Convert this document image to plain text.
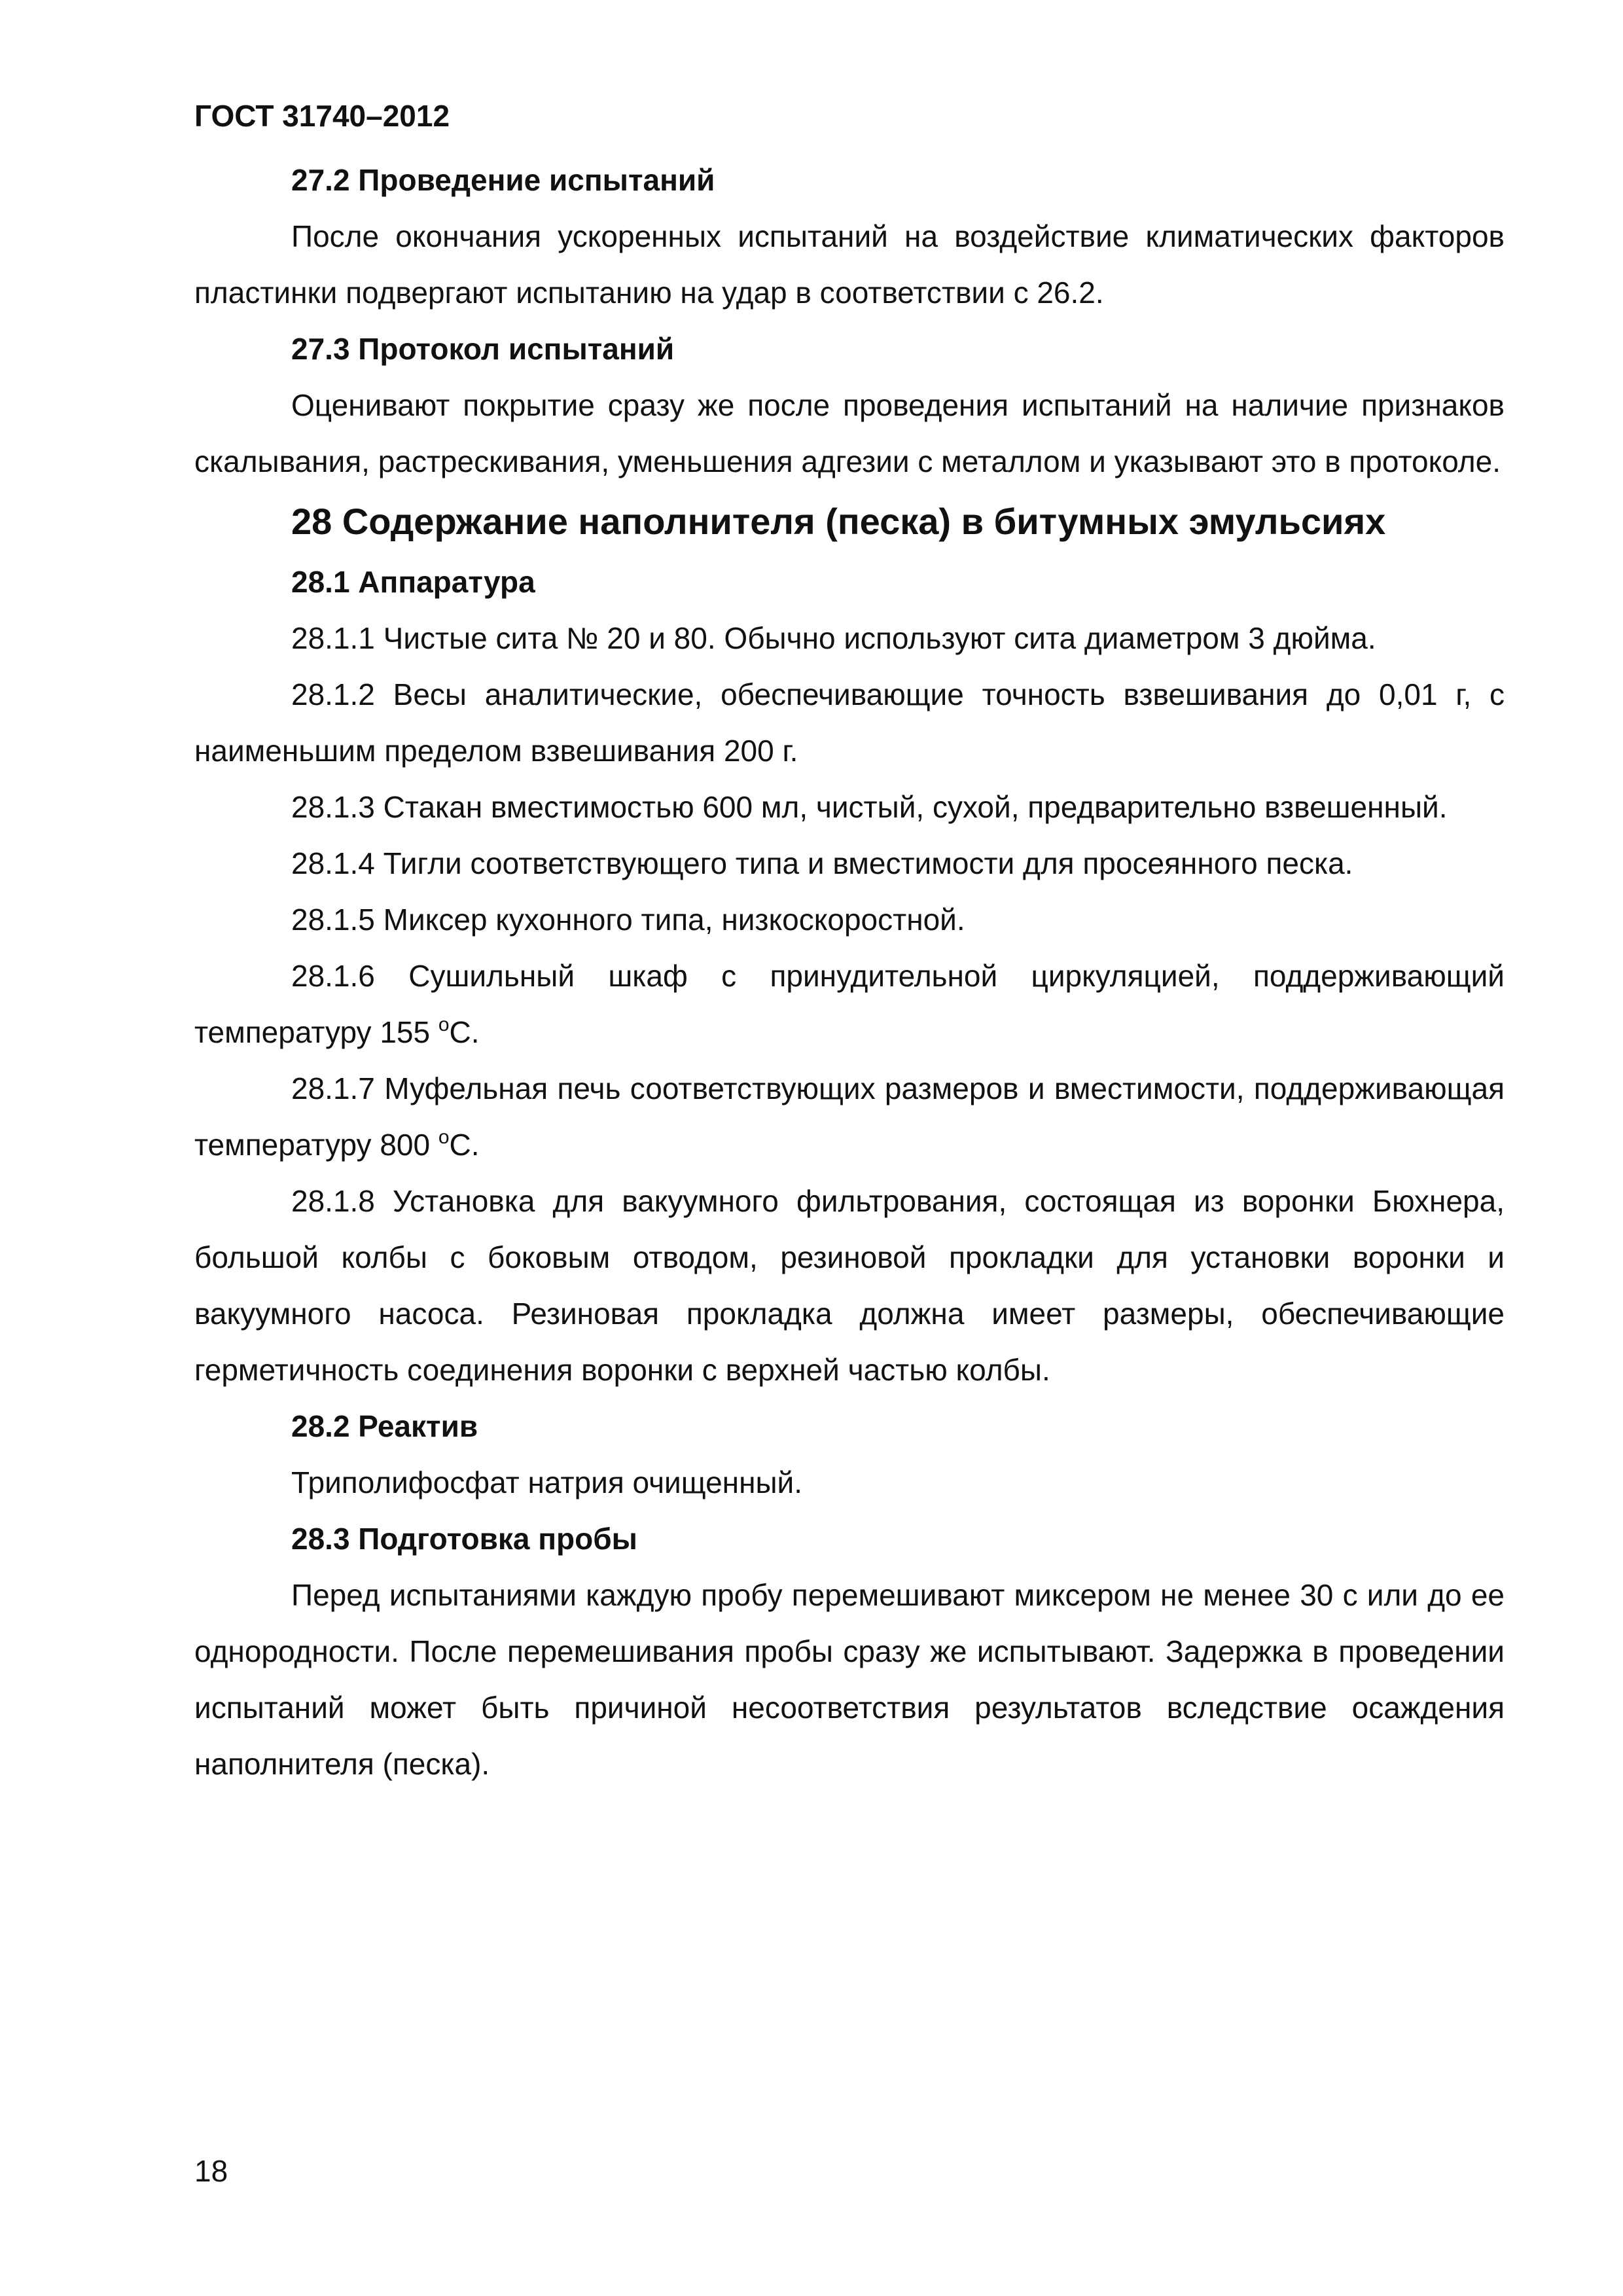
ГОСТ 31740–2012
27.2 Проведение испытаний

После окончания ускоренных испытаний на воздействие климатических факторов пластинки подвергают испытанию на удар в соответствии с 26.2.

27.3 Протокол испытаний

Оценивают покрытие сразу же после проведения испытаний на наличие признаков скалывания, растрескивания, уменьшения адгезии с металлом и указывают это в протоколе.

28 Содержание наполнителя (песка) в битумных эмульсиях
28.1 Аппаратура

28.1.1 Чистые сита № 20 и 80. Обычно используют сита диаметром 3 дюйма.

28.1.2 Весы аналитические, обеспечивающие точность взвешивания до 0,01 г, с наименьшим пределом взвешивания 200 г.

28.1.3 Стакан вместимостью 600 мл, чистый, сухой, предварительно взвешенный.

28.1.4 Тигли соответствующего типа и вместимости для просеянного песка.

28.1.5 Миксер кухонного типа, низкоскоростной.

28.1.6 Сушильный шкаф с принудительной циркуляцией, поддерживающий температуру 155 $^о$С.

28.1.7 Муфельная печь соответствующих размеров и вместимости, поддерживающая температуру 800 $^о$С.

28.1.8 Установка для вакуумного фильтрования, состоящая из воронки Бюхнера, большой колбы с боковым отводом, резиновой прокладки для установки воронки и вакуумного насоса. Резиновая прокладка должна имеет размеры, обеспечивающие герметичность соединения воронки с верхней частью колбы.

28.2 Реактив

Триполифосфат натрия очищенный.

28.3 Подготовка пробы

Перед испытаниями каждую пробу перемешивают миксером не менее 30 с или до ее однородности. После перемешивания пробы сразу же испытывают. Задержка в проведении испытаний может быть причиной несоответствия результатов вследствие осаждения наполнителя (песка).

18
